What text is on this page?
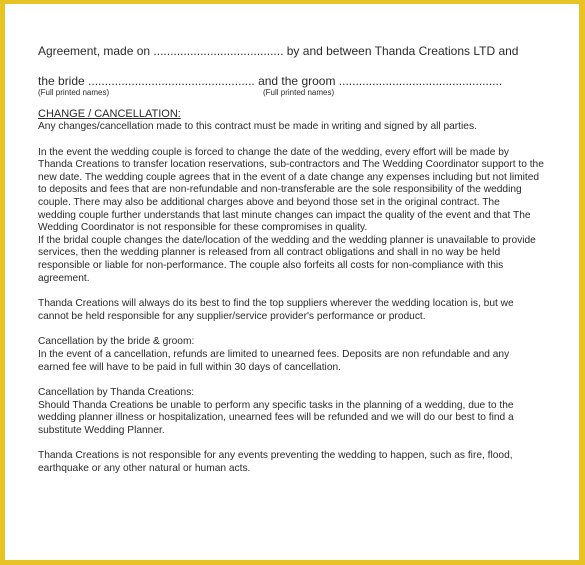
Agreement, made on ....................................... by and between Thanda Creations LTD and
the bride .................................................. and the groom .................................................
(Full printed names)	(Full printed names)
CHANGE / CANCELLATION:
Any changes/cancellation made to this contract must be made in writing and signed by all parties.
In the event the wedding couple is forced to change the date of the wedding, every effort will be made by
Thanda Creations to transfer location reservations, sub-contractors and The Wedding Coordinator support to the
new date. The wedding couple agrees that in the event of a date change any expenses including but not limited
to deposits and fees that are non-refundable and non-transferable are the sole responsibility of the wedding
couple. There may also be additional charges above and beyond those set in the original contract. The
wedding couple further understands that last minute changes can impact the quality of the event and that The
Wedding Coordinator is not responsible for these compromises in quality.
If the bridal couple changes the date/location of the wedding and the wedding planner is unavailable to provide
services, then the wedding planner is released from all contract obligations and shall in no way be held
responsible or liable for non-performance. The couple also forfeits all costs for non-compliance with this
agreement.
Thanda Creations will always do its best to find the top suppliers wherever the wedding location is, but we
cannot be held responsible for any supplier/service provider's performance or product.
Cancellation by the bride & groom:
In the event of a cancellation, refunds are limited to unearned fees. Deposits are non refundable and any
earned fee will have to be paid in full within 30 days of cancellation.
Cancellation by Thanda Creations:
Should Thanda Creations be unable to perform any specific tasks in the planning of a wedding, due to the
wedding planner illness or hospitalization, unearned fees will be refunded and we will do our best to find a
substitute Wedding Planner.
Thanda Creations is not responsible for any events preventing the wedding to happen, such as fire, flood,
earthquake or any other natural or human acts.
